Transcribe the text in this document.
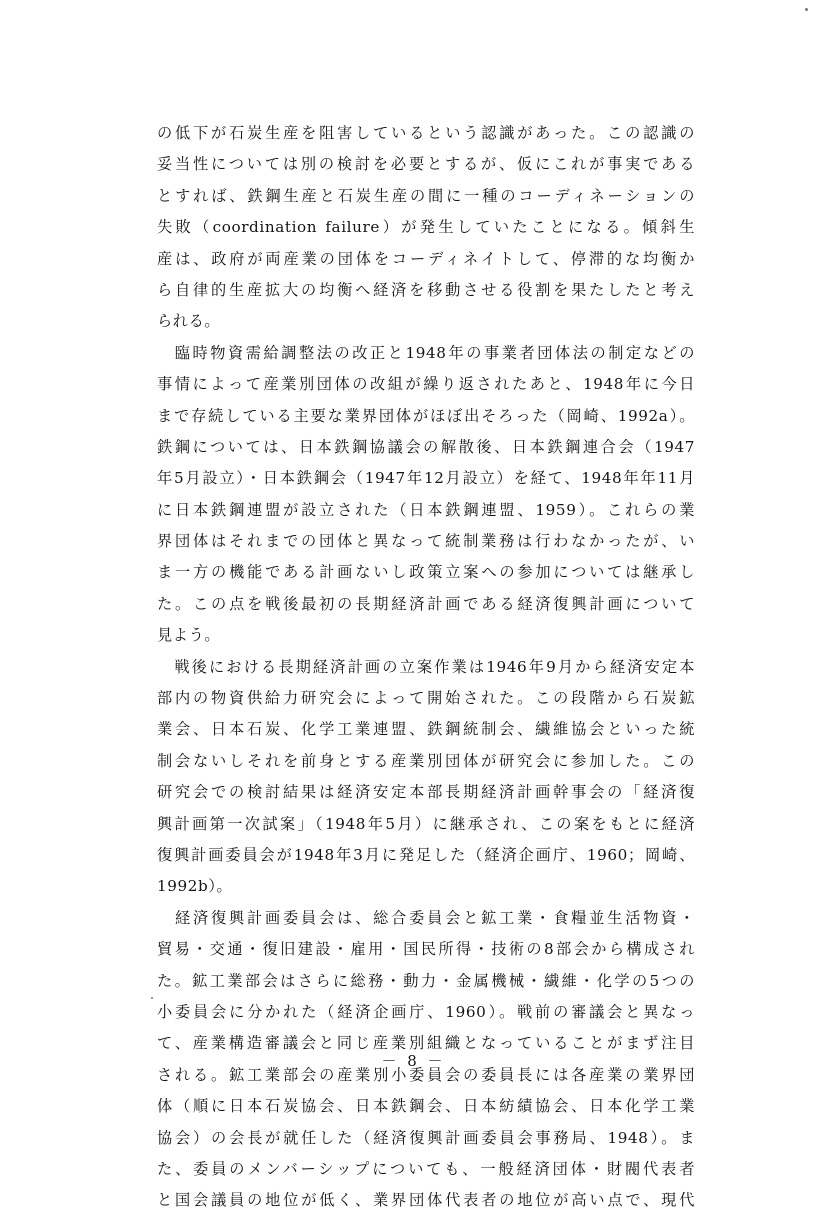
の低下が石炭生産を阻害しているという認識があった。この認識の
妥当性については別の検討を必要とするが、仮にこれが事実である
とすれば、鉄鋼生産と石炭生産の間に一種のコーディネーションの
失敗（coordination failure）が発生していたことになる。傾斜生
産は、政府が両産業の団体をコーディネイトして、停滞的な均衡か
ら自律的生産拡大の均衡へ経済を移動させる役割を果たしたと考え
られる。
　臨時物資需給調整法の改正と1948年の事業者団体法の制定などの
事情によって産業別団体の改組が繰り返されたあと、1948年に今日
まで存続している主要な業界団体がほぼ出そろった（岡崎、1992a）。
鉄鋼については、日本鉄鋼協議会の解散後、日本鉄鋼連合会（1947
年5月設立）・日本鉄鋼会（1947年12月設立）を経て、1948年年11月
に日本鉄鋼連盟が設立された（日本鉄鋼連盟、1959）。これらの業
界団体はそれまでの団体と異なって統制業務は行わなかったが、い
ま一方の機能である計画ないし政策立案への参加については継承し
た。この点を戦後最初の長期経済計画である経済復興計画について
見よう。
　戦後における長期経済計画の立案作業は1946年9月から経済安定本
部内の物資供給力研究会によって開始された。この段階から石炭鉱
業会、日本石炭、化学工業連盟、鉄鋼統制会、繊維協会といった統
制会ないしそれを前身とする産業別団体が研究会に参加した。この
研究会での検討結果は経済安定本部長期経済計画幹事会の「経済復
興計画第一次試案」（1948年5月）に継承され、この案をもとに経済
復興計画委員会が1948年3月に発足した（経済企画庁、1960；岡崎、
1992b）。
　経済復興計画委員会は、総合委員会と鉱工業・食糧並生活物資・
貿易・交通・復旧建設・雇用・国民所得・技術の8部会から構成され
た。鉱工業部会はさらに総務・動力・金属機械・繊維・化学の5つの
小委員会に分かれた（経済企画庁、1960）。戦前の審議会と異なっ
て、産業構造審議会と同じ産業別組織となっていることがまず注目
される。鉱工業部会の産業別小委員会の委員長には各産業の業界団
体（順に日本石炭協会、日本鉄鋼会、日本紡績協会、日本化学工業
協会）の会長が就任した（経済復興計画委員会事務局、1948）。ま
た、委員のメンバーシップについても、一般経済団体・財閥代表者
と国会議員の地位が低く、業界団体代表者の地位が高い点で、現代
－ 8 －
